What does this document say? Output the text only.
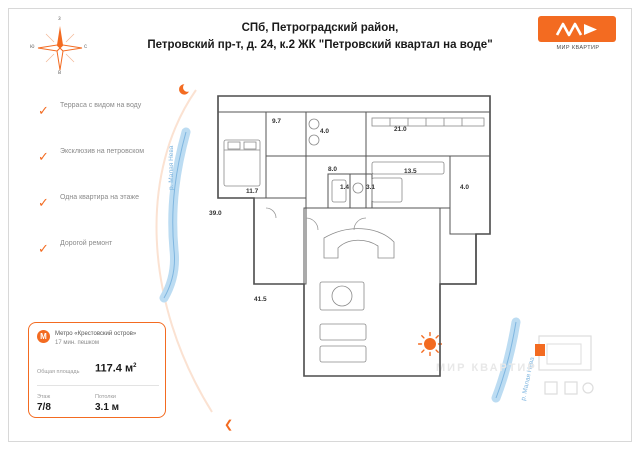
СПб, Петроградский район,
Петровский пр-т, д. 24, к.2 ЖК "Петровский квартал на воде"	МИР КВАРТИР
з
в
ю	с
✓ Терраса с видом на воду
✓ Эксклюзив на петровском
✓ Одна квартира на этаже
✓ Дорогой ремонт
M	Метро «Крестовский остров»
17 мин. пешком
Общая площадь	117.4 $м^2$
Этаж
7/8
Потолки
3.1 м
р. Малая Нева
р. Малая Нева
❮
МИР КВАРТИР
9.7
4.0	21.0
8.0	13.5
1.4	3.1	4.0
11.7
39.0
41.5
